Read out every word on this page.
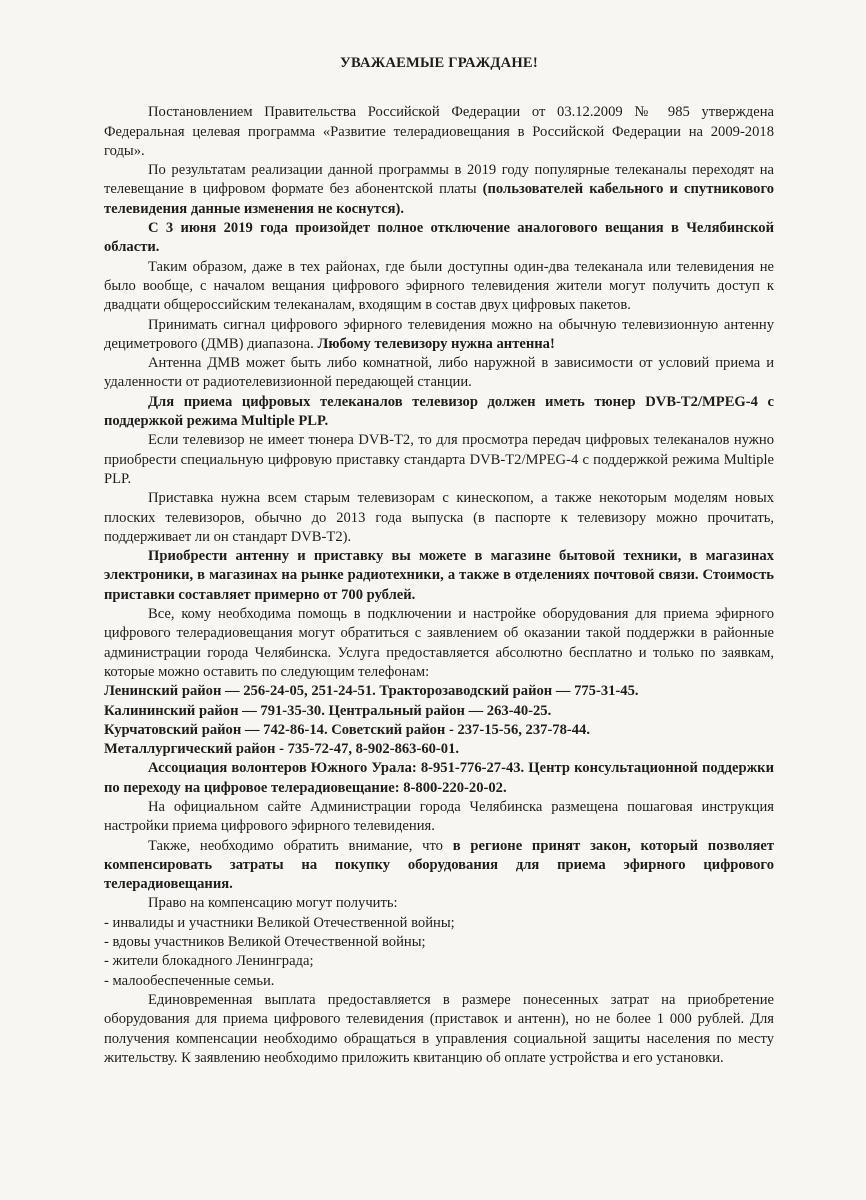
УВАЖАЕМЫЕ ГРАЖДАНЕ!

Постановлением Правительства Российской Федерации от 03.12.2009 № 985 утверждена Федеральная целевая программа «Развитие телерадиовещания в Российской Федерации на 2009-2018 годы».

По результатам реализации данной программы в 2019 году популярные телеканалы переходят на телевещание в цифровом формате без абонентской платы (пользователей кабельного и спутникового телевидения данные изменения не коснутся).

С 3 июня 2019 года произойдет полное отключение аналогового вещания в Челябинской области.

Таким образом, даже в тех районах, где были доступны один-два телеканала или телевидения не было вообще, с началом вещания цифрового эфирного телевидения жители могут получить доступ к двадцати общероссийским телеканалам, входящим в состав двух цифровых пакетов.

Принимать сигнал цифрового эфирного телевидения можно на обычную телевизионную антенну дециметрового (ДМВ) диапазона. Любому телевизору нужна антенна!

Антенна ДМВ может быть либо комнатной, либо наружной в зависимости от условий приема и удаленности от радиотелевизионной передающей станции.

Для приема цифровых телеканалов телевизор должен иметь тюнер DVB-T2/MPEG-4 с поддержкой режима Multiple PLP.

Если телевизор не имеет тюнера DVB-T2, то для просмотра передач цифровых телеканалов нужно приобрести специальную цифровую приставку стандарта DVB-T2/MPEG-4 с поддержкой режима Multiple PLP.

Приставка нужна всем старым телевизорам с кинескопом, а также некоторым моделям новых плоских телевизоров, обычно до 2013 года выпуска (в паспорте к телевизору можно прочитать, поддерживает ли он стандарт DVB-T2).

Приобрести антенну и приставку вы можете в магазине бытовой техники, в магазинах электроники, в магазинах на рынке радиотехники, а также в отделениях почтовой связи. Стоимость приставки составляет примерно от 700 рублей.

Все, кому необходима помощь в подключении и настройке оборудования для приема эфирного цифрового телерадиовещания могут обратиться с заявлением об оказании такой поддержки в районные администрации города Челябинска. Услуга предоставляется абсолютно бесплатно и только по заявкам, которые можно оставить по следующим телефонам:

Ленинский район –– 256-24-05, 251-24-51. Тракторозаводский район –– 775-31-45.

Калининский район –– 791-35-30. Центральный район –– 263-40-25.

Курчатовский район –– 742-86-14. Советский район - 237-15-56, 237-78-44.

Металлургический район - 735-72-47, 8-902-863-60-01.

Ассоциация волонтеров Южного Урала: 8-951-776-27-43. Центр консультационной поддержки по переходу на цифровое телерадиовещание: 8-800-220-20-02.

На официальном сайте Администрации города Челябинска размещена пошаговая инструкция настройки приема цифрового эфирного телевидения.

Также, необходимо обратить внимание, что в регионе принят закон, который позволяет компенсировать затраты на покупку оборудования для приема эфирного цифрового телерадиовещания.

Право на компенсацию могут получить:

- инвалиды и участники Великой Отечественной войны;

- вдовы участников Великой Отечественной войны;

- жители блокадного Ленинграда;

- малообеспеченные семьи.

Единовременная выплата предоставляется в размере понесенных затрат на приобретение оборудования для приема цифрового телевидения (приставок и антенн), но не более 1 000 рублей. Для получения компенсации необходимо обращаться в управления социальной защиты населения по месту жительству. К заявлению необходимо приложить квитанцию об оплате устройства и его установки.
